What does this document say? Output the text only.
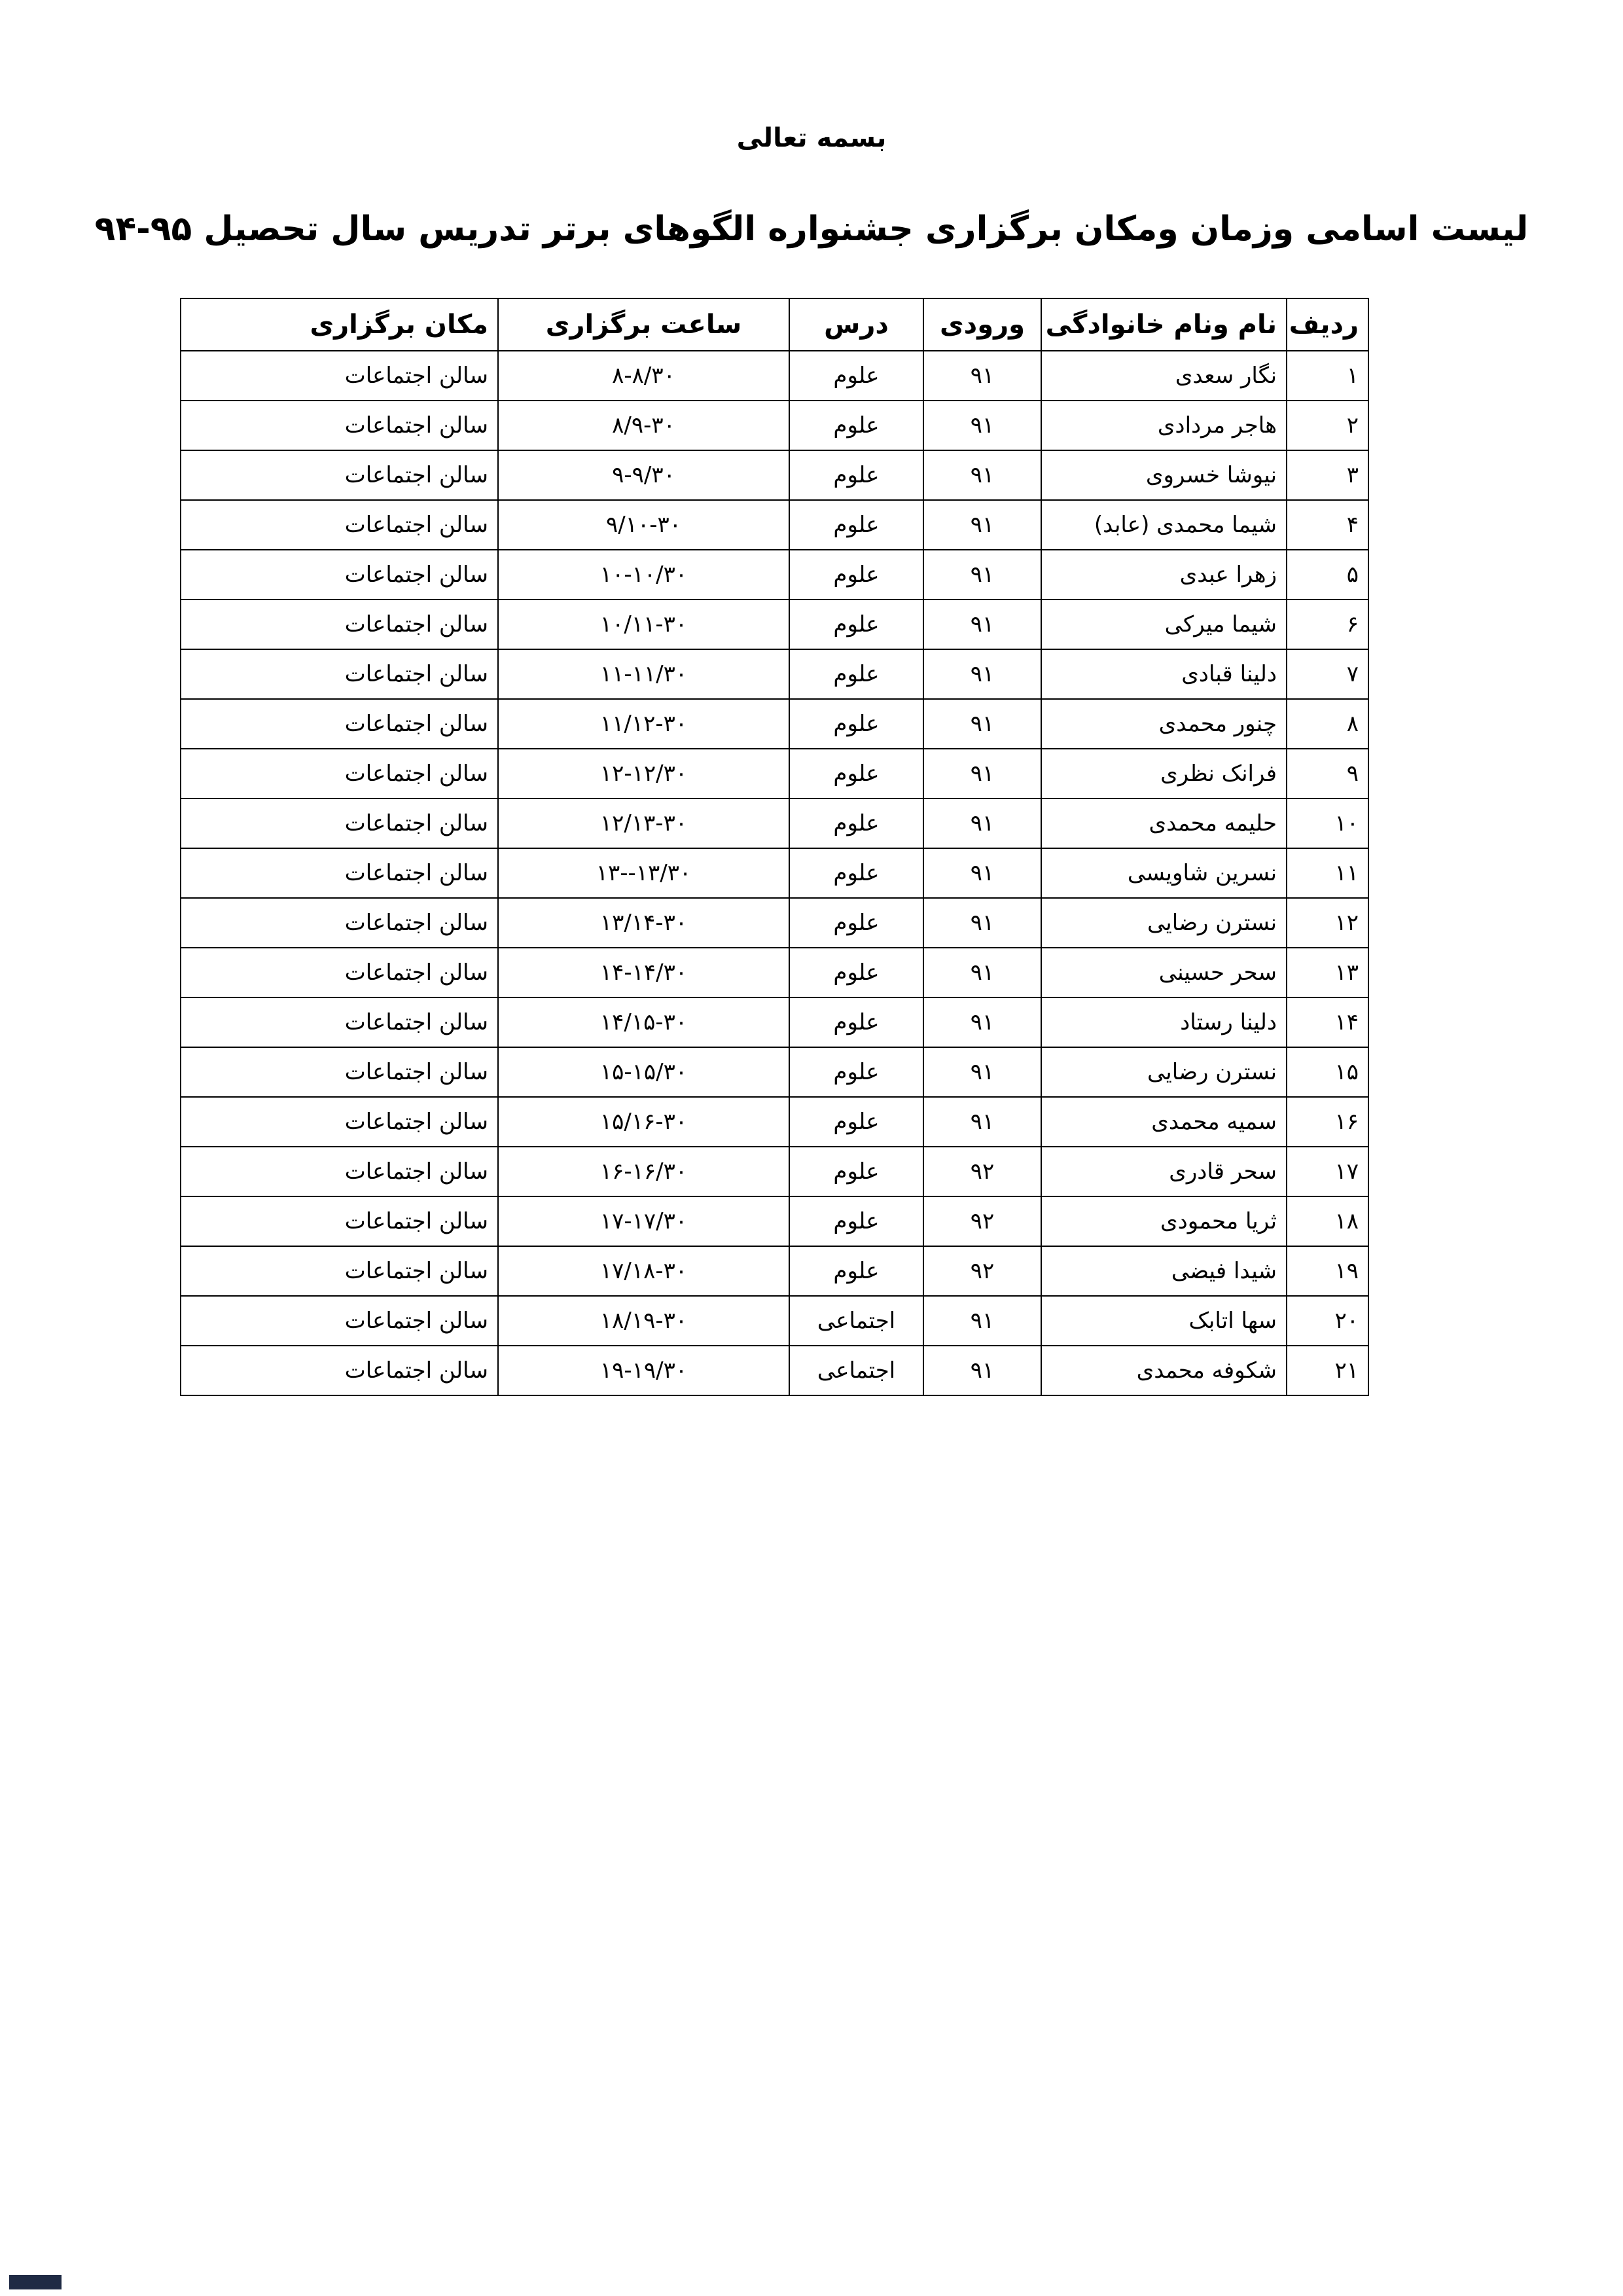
بسمه تعالی
لیست اسامی وزمان ومکان برگزاری جشنواره الگوهای برتر تدریس سال تحصیل ۹۵-۹۴
ردیف	نام ونام خانوادگی	ورودی	درس	ساعت برگزاری	مکان برگزاری
۱	نگار سعدی	۹۱	علوم	۸-۸/۳۰	سالن اجتماعات
۲	هاجر مردادی	۹۱	علوم	۸/۹-۳۰	سالن اجتماعات
۳	نیوشا خسروی	۹۱	علوم	۹-۹/۳۰	سالن اجتماعات
۴	شیما محمدی (عابد)	۹۱	علوم	۹/۱۰-۳۰	سالن اجتماعات
۵	زهرا عبدی	۹۱	علوم	۱۰-۱۰/۳۰	سالن اجتماعات
۶	شیما میرکی	۹۱	علوم	۱۰/۱۱-۳۰	سالن اجتماعات
۷	دلینا قبادی	۹۱	علوم	۱۱-۱۱/۳۰	سالن اجتماعات
۸	چنور محمدی	۹۱	علوم	۱۱/۱۲-۳۰	سالن اجتماعات
۹	فرانک نظری	۹۱	علوم	۱۲-۱۲/۳۰	سالن اجتماعات
۱۰	حلیمه محمدی	۹۱	علوم	۱۲/۱۳-۳۰	سالن اجتماعات
۱۱	نسرین شاویسی	۹۱	علوم	۱۳--۱۳/۳۰	سالن اجتماعات
۱۲	نسترن رضایی	۹۱	علوم	۱۳/۱۴-۳۰	سالن اجتماعات
۱۳	سحر حسینی	۹۱	علوم	۱۴-۱۴/۳۰	سالن اجتماعات
۱۴	دلینا رستاد	۹۱	علوم	۱۴/۱۵-۳۰	سالن اجتماعات
۱۵	نسترن رضایی	۹۱	علوم	۱۵-۱۵/۳۰	سالن اجتماعات
۱۶	سمیه محمدی	۹۱	علوم	۱۵/۱۶-۳۰	سالن اجتماعات
۱۷	سحر قادری	۹۲	علوم	۱۶-۱۶/۳۰	سالن اجتماعات
۱۸	ثریا محمودی	۹۲	علوم	۱۷-۱۷/۳۰	سالن اجتماعات
۱۹	شیدا فیضی	۹۲	علوم	۱۷/۱۸-۳۰	سالن اجتماعات
۲۰	سها اتابک	۹۱	اجتماعی	۱۸/۱۹-۳۰	سالن اجتماعات
۲۱	شکوفه محمدی	۹۱	اجتماعی	۱۹-۱۹/۳۰	سالن اجتماعات
